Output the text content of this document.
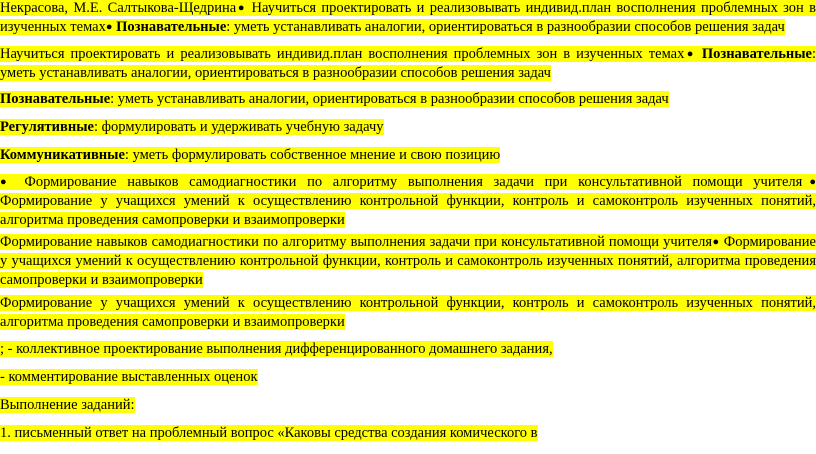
Некрасова, М.Е. Салтыкова-Щедрина● Научиться проектировать и реализовывать индивид.план восполнения проблемных зон в изученных темах● Познавательные: уметь устанавливать аналогии, ориентироваться в разнообразии способов решения задач

Научиться проектировать и реализовывать индивид.план восполнения проблемных зон в изученных темах● Познавательные: уметь устанавливать аналогии, ориентироваться в разнообразии способов решения задач

Познавательные: уметь устанавливать аналогии, ориентироваться в разнообразии способов решения задач

Регулятивные: формулировать и удерживать учебную задачу

Коммуникативные: уметь формулировать собственное мнение и свою позицию

● Формирование навыков самодиагностики по алгоритму выполнения задачи при консультативной помощи учителя● Формирование у учащихся умений к осуществлению контрольной функции, контроль и самоконтроль изученных понятий, алгоритма проведения самопроверки и взаимопроверки

Формирование навыков самодиагностики по алгоритму выполнения задачи при консультативной помощи учителя● Формирование у учащихся умений к осуществлению контрольной функции, контроль и самоконтроль изученных понятий, алгоритма проведения самопроверки и взаимопроверки

Формирование у учащихся умений к осуществлению контрольной функции, контроль и самоконтроль изученных понятий, алгоритма проведения самопроверки и взаимопроверки

; - коллективное проектирование выполнения дифференцированного домашнего задания,

- комментирование выставленных оценок

Выполнение заданий:

1. письменный ответ на проблемный вопрос «Каковы средства создания комического в
